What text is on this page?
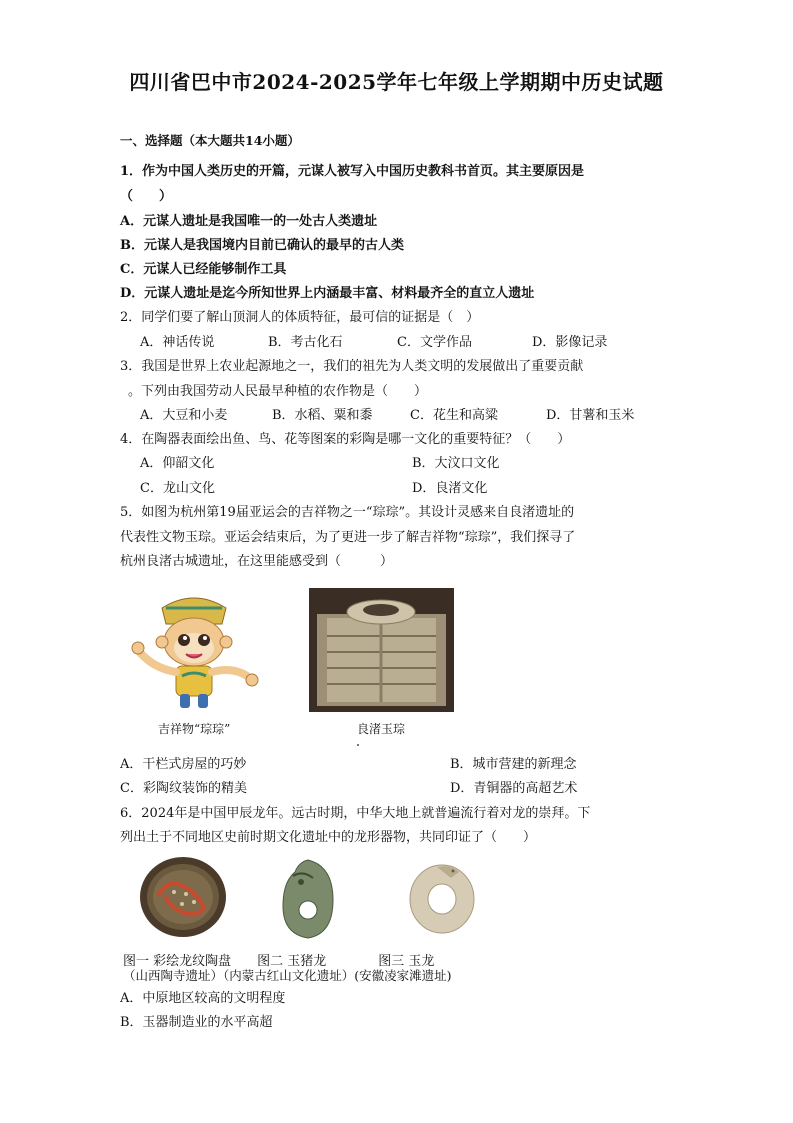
四川省巴中市2024-2025学年七年级上学期期中历史试题
一、选择题（本大题共14小题）
1．作为中国人类历史的开篇，元谋人被写入中国历史教科书首页。其主要原因是
（　　）
A．元谋人遗址是我国唯一的一处古人类遗址
B．元谋人是我国境内目前已确认的最早的古人类
C．元谋人已经能够制作工具
D．元谋人遗址是迄今所知世界上内涵最丰富、材料最齐全的直立人遗址
2．同学们要了解山顶洞人的体质特征，最可信的证据是（　）
A．神话传说	B．考古化石	C．文学作品	D．影像记录
3．我国是世界上农业起源地之一，我们的祖先为人类文明的发展做出了重要贡献
。下列由我国劳动人民最早种植的农作物是（　　）
A．大豆和小麦	B．水稻、粟和黍	C．花生和高粱	D．甘薯和玉米
4．在陶器表面绘出鱼、鸟、花等图案的彩陶是哪一文化的重要特征？（　　）
A．仰韶文化	B．大汶口文化
C．龙山文化	D．良渚文化
5．如图为杭州第19届亚运会的吉祥物之一“琮琮”。其设计灵感来自良渚遗址的
代表性文物玉琮。亚运会结束后，为了更进一步了解吉祥物“琮琮”，我们探寻了
杭州良渚古城遗址，在这里能感受到（　　　）
吉祥物“琮琮”	良渚玉琮
A．干栏式房屋的巧妙	B．城市营建的新理念
C．彩陶纹装饰的精美	D．青铜器的高超艺术
6．2024年是中国甲辰龙年。远古时期，中华大地上就普遍流行着对龙的崇拜。下
列出土于不同地区史前时期文化遗址中的龙形器物，共同印证了（　　）
图一 彩绘龙纹陶盘　　图二 玉猪龙　　　　图三 玉龙
（山西陶寺遗址）（内蒙古红山文化遗址）(安徽凌家滩遗址)
A．中原地区较高的文明程度
B．玉器制造业的水平高超
